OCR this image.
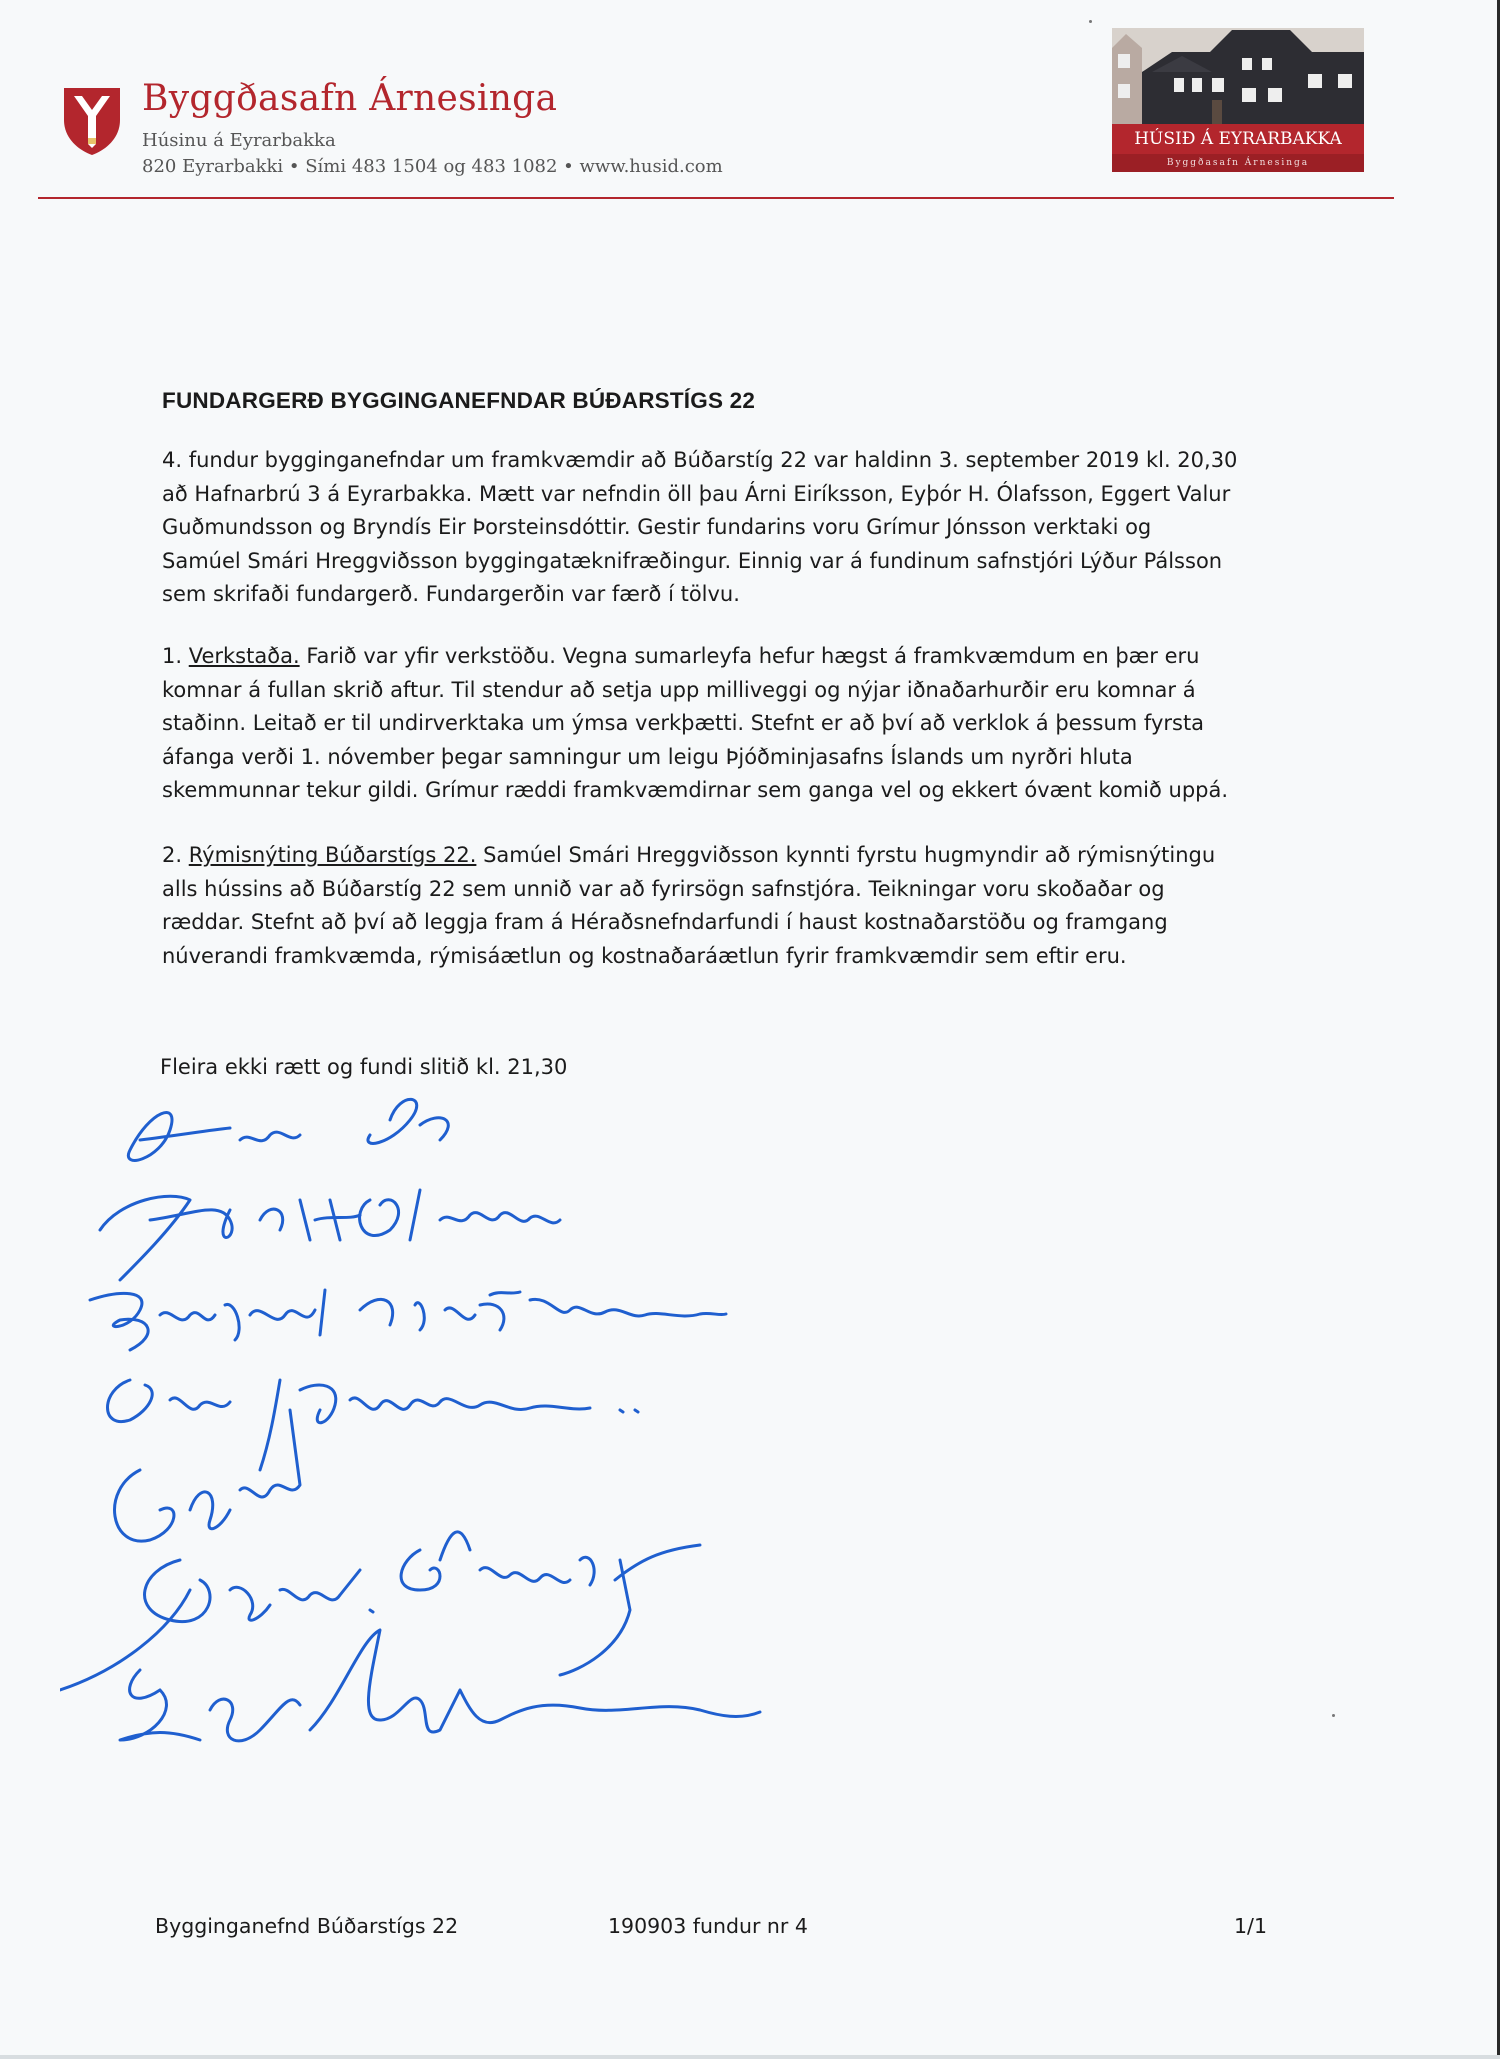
Byggðasafn Árnesinga
Húsinu á Eyrarbakka
820 Eyrarbakki • Sími 483 1504 og 483 1082 • www.husid.com
HÚSIÐ Á EYRARBAKKA
Byggðasafn Árnesinga
FUNDARGERÐ BYGGINGANEFNDAR BÚÐARSTÍGS 22

4. fundur bygginganefndar um framkvæmdir að Búðarstíg 22 var haldinn 3. september 2019 kl. 20,30
að Hafnarbrú 3 á Eyrarbakka. Mætt var nefndin öll þau Árni Eiríksson, Eyþór H. Ólafsson, Eggert Valur
Guðmundsson og Bryndís Eir Þorsteinsdóttir. Gestir fundarins voru Grímur Jónsson verktaki og
Samúel Smári Hreggviðsson byggingatæknifræðingur. Einnig var á fundinum safnstjóri Lýður Pálsson
sem skrifaði fundargerð. Fundargerðin var færð í tölvu.

1. Verkstaða. Farið var yfir verkstöðu. Vegna sumarleyfa hefur hægst á framkvæmdum en þær eru
komnar á fullan skrið aftur. Til stendur að setja upp milliveggi og nýjar iðnaðarhurðir eru komnar á
staðinn. Leitað er til undirverktaka um ýmsa verkþætti. Stefnt er að því að verklok á þessum fyrsta
áfanga verði 1. nóvember þegar samningur um leigu Þjóðminjasafns Íslands um nyrðri hluta
skemmunnar tekur gildi. Grímur ræddi framkvæmdirnar sem ganga vel og ekkert óvænt komið uppá.

2. Rýmisnýting Búðarstígs 22. Samúel Smári Hreggviðsson kynnti fyrstu hugmyndir að rýmisnýtingu
alls hússins að Búðarstíg 22 sem unnið var að fyrirsögn safnstjóra. Teikningar voru skoðaðar og
ræddar. Stefnt að því að leggja fram á Héraðsnefndarfundi í haust kostnaðarstöðu og framgang
núverandi framkvæmda, rýmisáætlun og kostnaðaráætlun fyrir framkvæmdir sem eftir eru.

Fleira ekki rætt og fundi slitið kl. 21,30

Bygginganefnd Búðarstígs 22	190903 fundur nr 4	1/1
